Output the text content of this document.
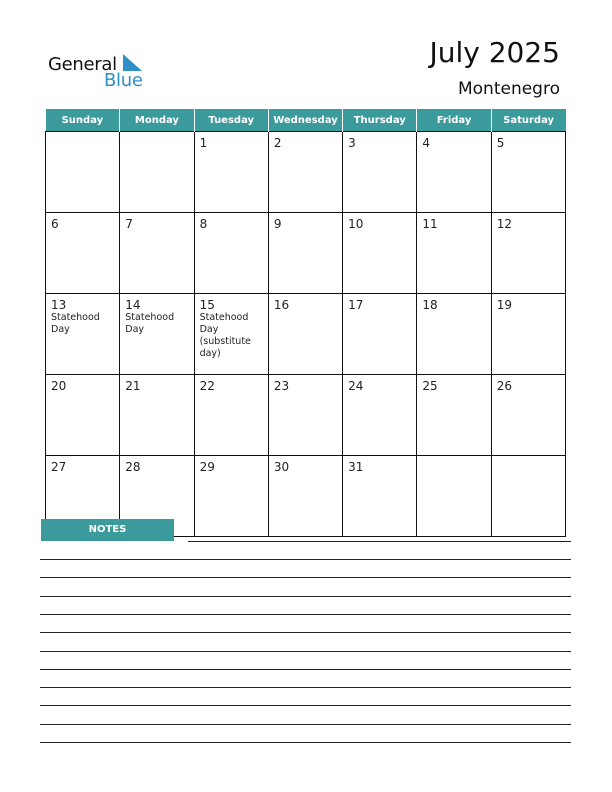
General
Blue
July 2025
Montenegro
Sunday	Monday	Tuesday	Wednesday	Thursday	Friday	Saturday

		1	2	3	4	5

6	7	8	9	10	11	12

13
Statehood
Day	14
Statehood
Day	15
Statehood
Day
(substitute
day)	16	17	18	19

20	21	22	23	24	25	26

27	28	29	30	31		

NOTES
